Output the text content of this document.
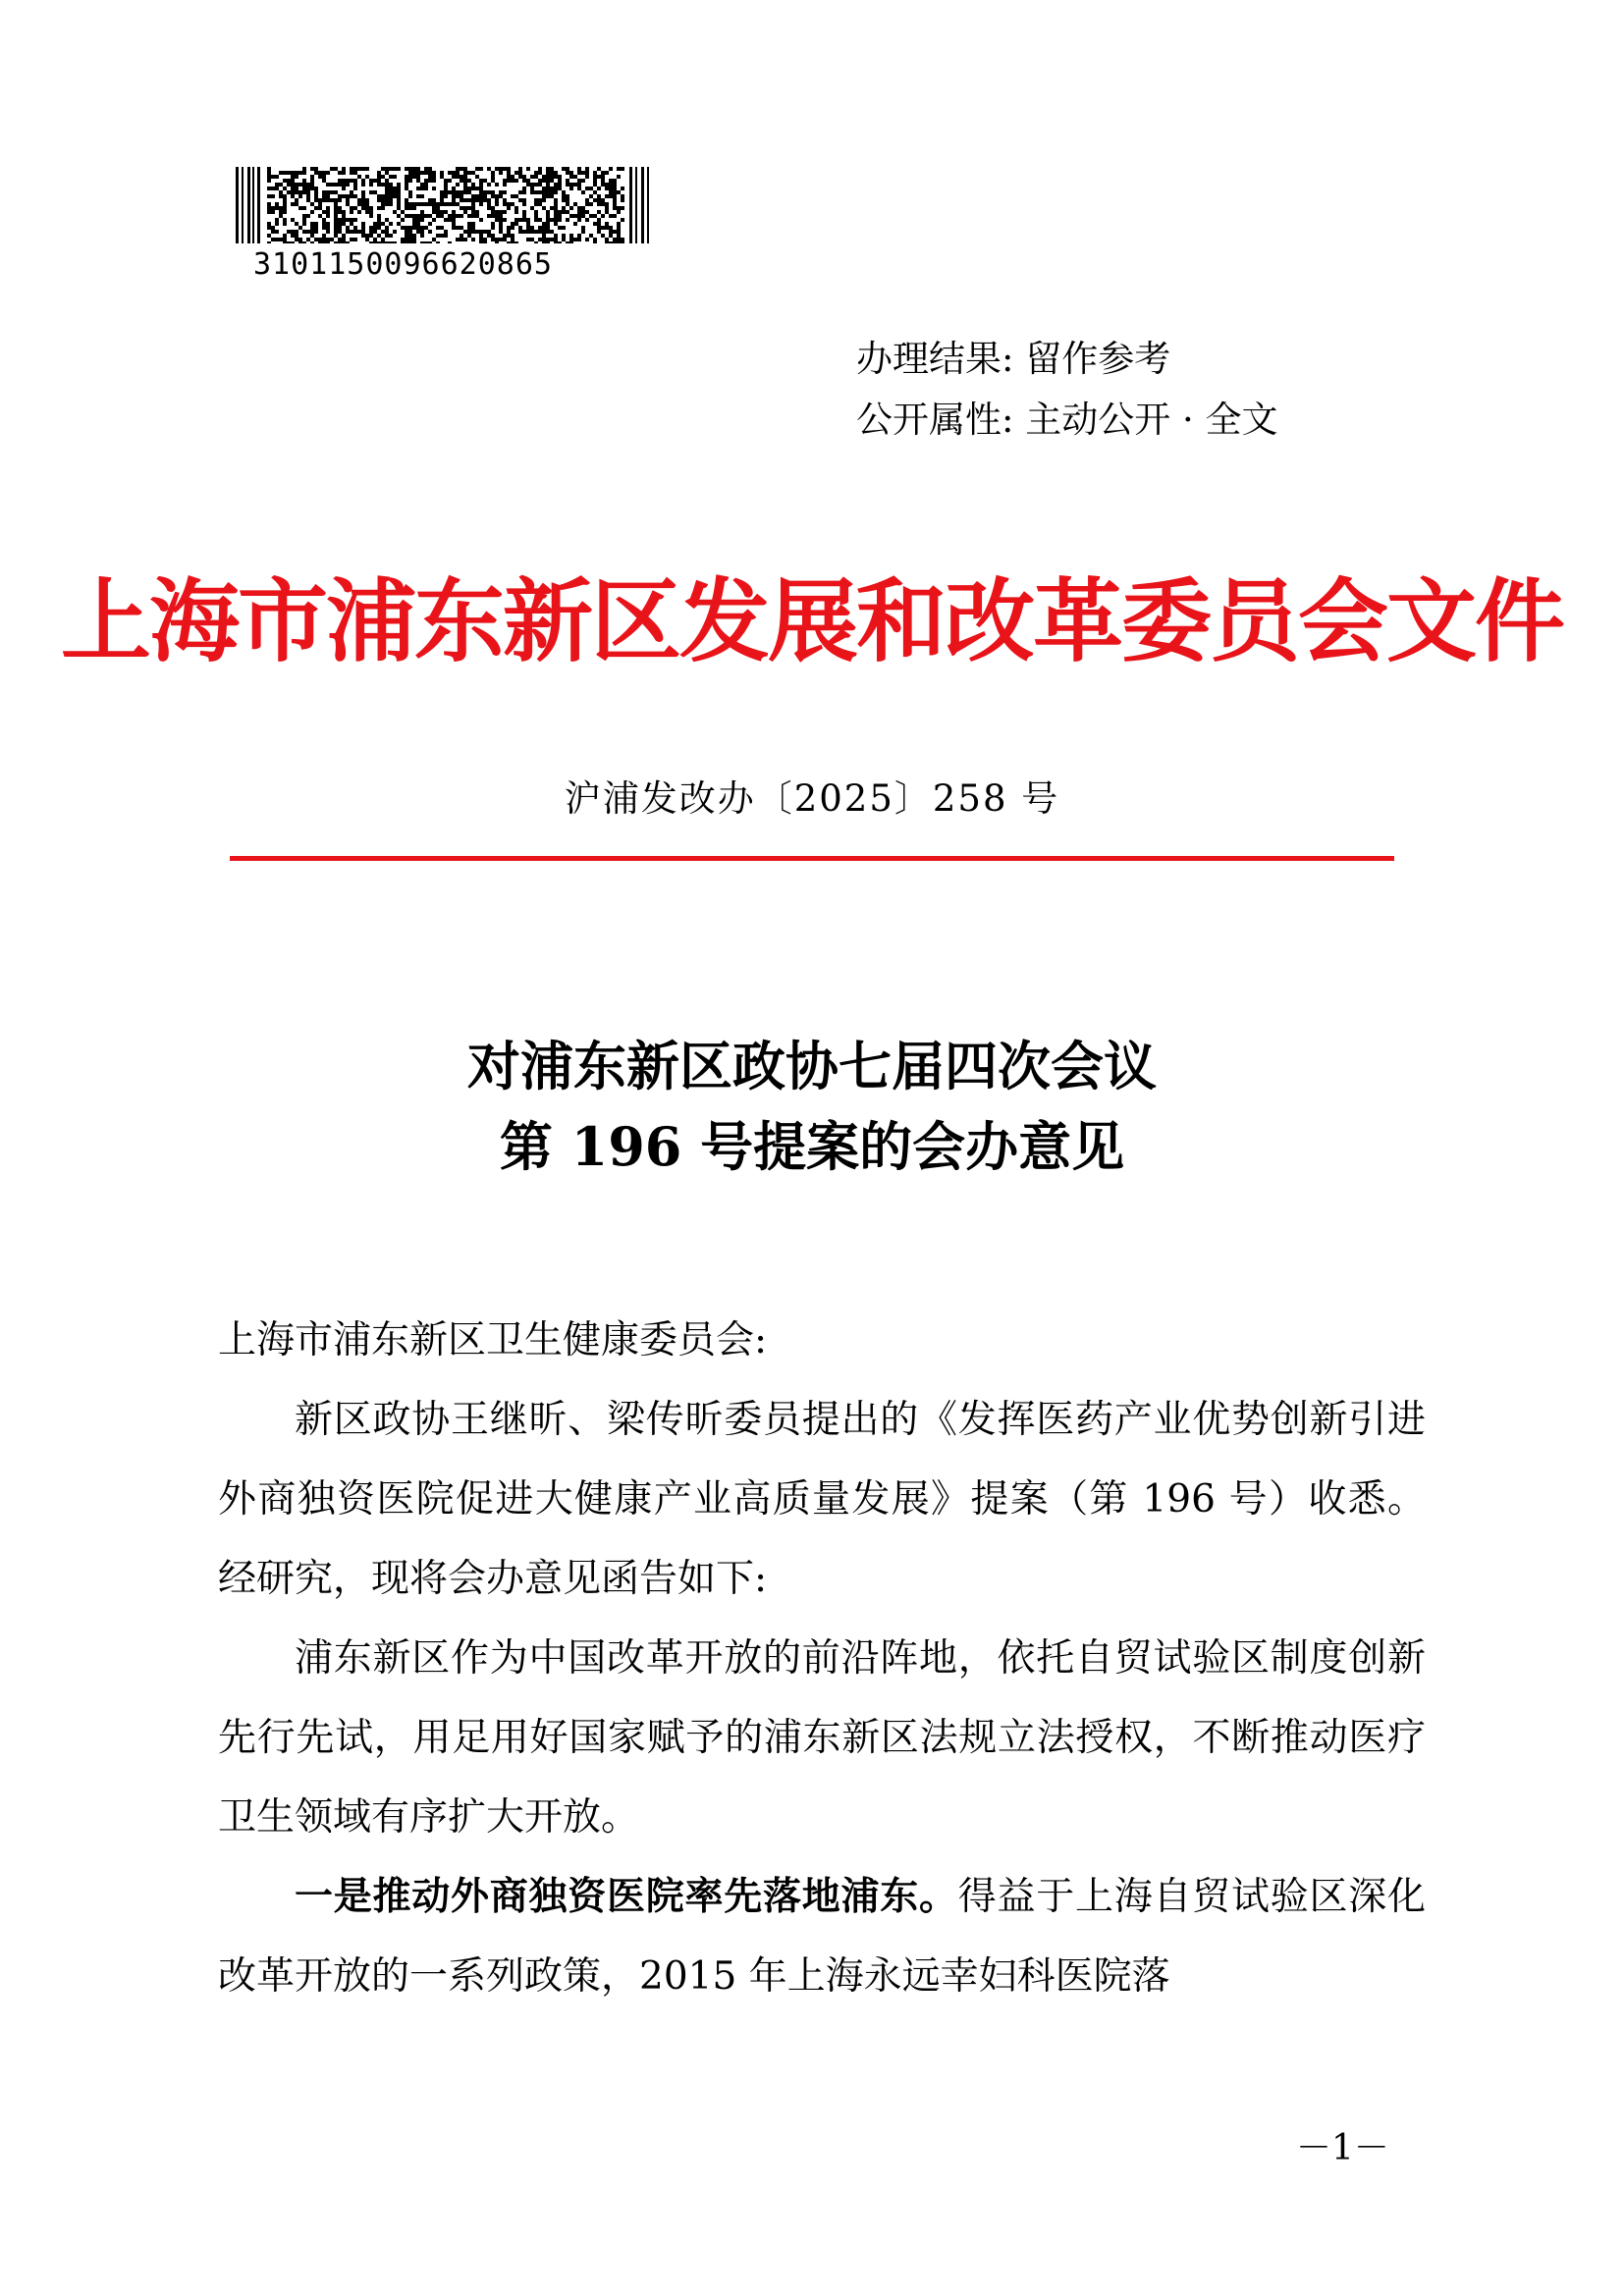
3101150096620865
办理结果: 留作参考
公开属性: 主动公开 · 全文
上海市浦东新区发展和改革委员会文件
沪浦发改办〔2025〕258 号
对浦东新区政协七届四次会议
第 196 号提案的会办意见

上海市浦东新区卫生健康委员会:

新区政协王继昕、梁传昕委员提出的《发挥医药产业优势创新引进外商独资医院促进大健康产业高质量发展》提案（第 196 号）收悉。经研究，现将会办意见函告如下:

浦东新区作为中国改革开放的前沿阵地，依托自贸试验区制度创新先行先试，用足用好国家赋予的浦东新区法规立法授权，不断推动医疗卫生领域有序扩大开放。

一是推动外商独资医院率先落地浦东。得益于上海自贸试验区深化改革开放的一系列政策，2015 年上海永远幸妇科医院落

－1－
